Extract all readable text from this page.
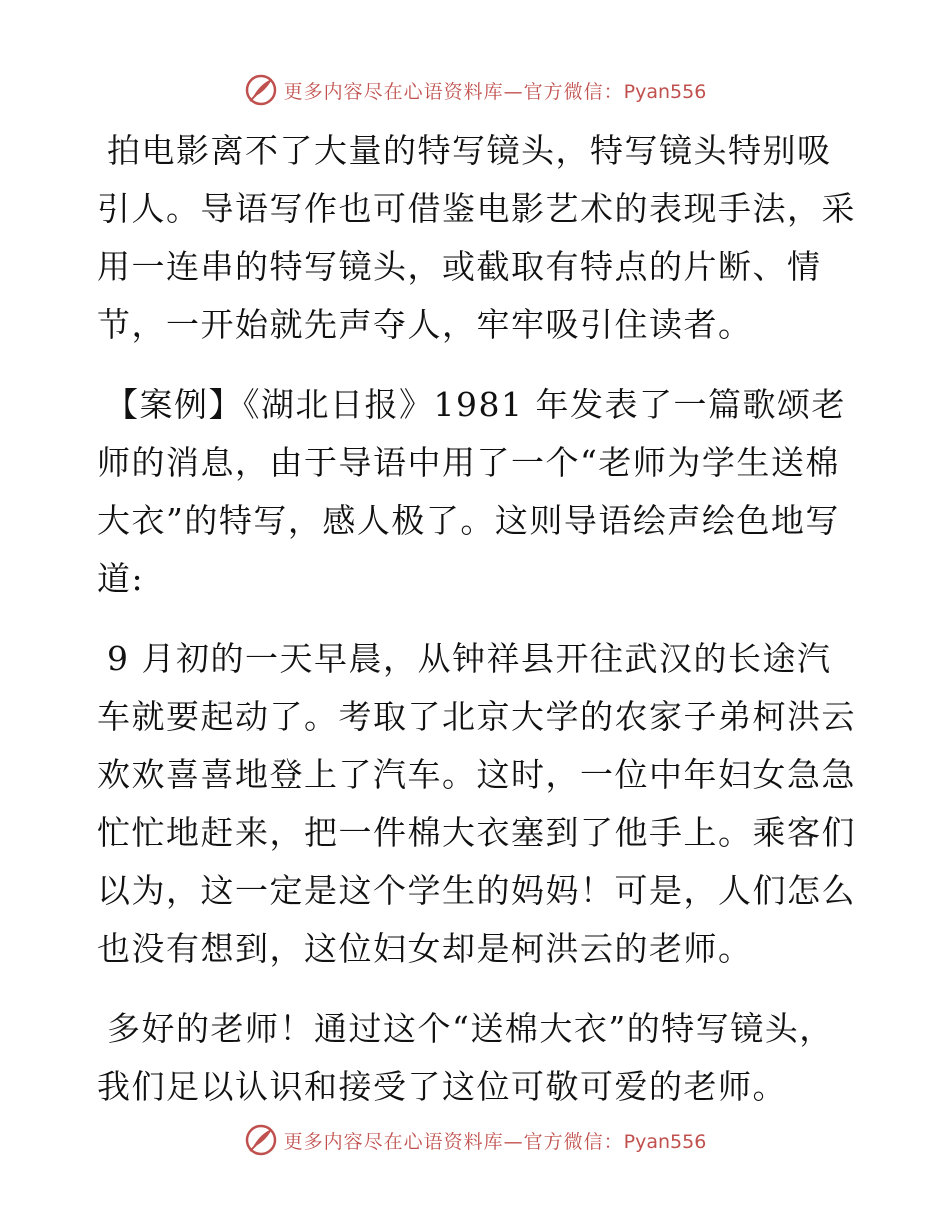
更多内容尽在心语资料库—官方微信：Pyan556

拍电影离不了大量的特写镜头，特写镜头特别吸引人。导语写作也可借鉴电影艺术的表现手法，采用一连串的特写镜头，或截取有特点的片断、情节，一开始就先声夺人，牢牢吸引住读者。

【案例】《湖北日报》1981 年发表了一篇歌颂老师的消息，由于导语中用了一个“老师为学生送棉大衣”的特写，感人极了。这则导语绘声绘色地写道:

9 月初的一天早晨，从钟祥县开往武汉的长途汽车就要起动了。考取了北京大学的农家子弟柯洪云欢欢喜喜地登上了汽车。这时，一位中年妇女急急忙忙地赶来，把一件棉大衣塞到了他手上。乘客们以为，这一定是这个学生的妈妈！可是，人们怎么也没有想到，这位妇女却是柯洪云的老师。

多好的老师！通过这个“送棉大衣”的特写镜头，我们足以认识和接受了这位可敬可爱的老师。

更多内容尽在心语资料库—官方微信：Pyan556
